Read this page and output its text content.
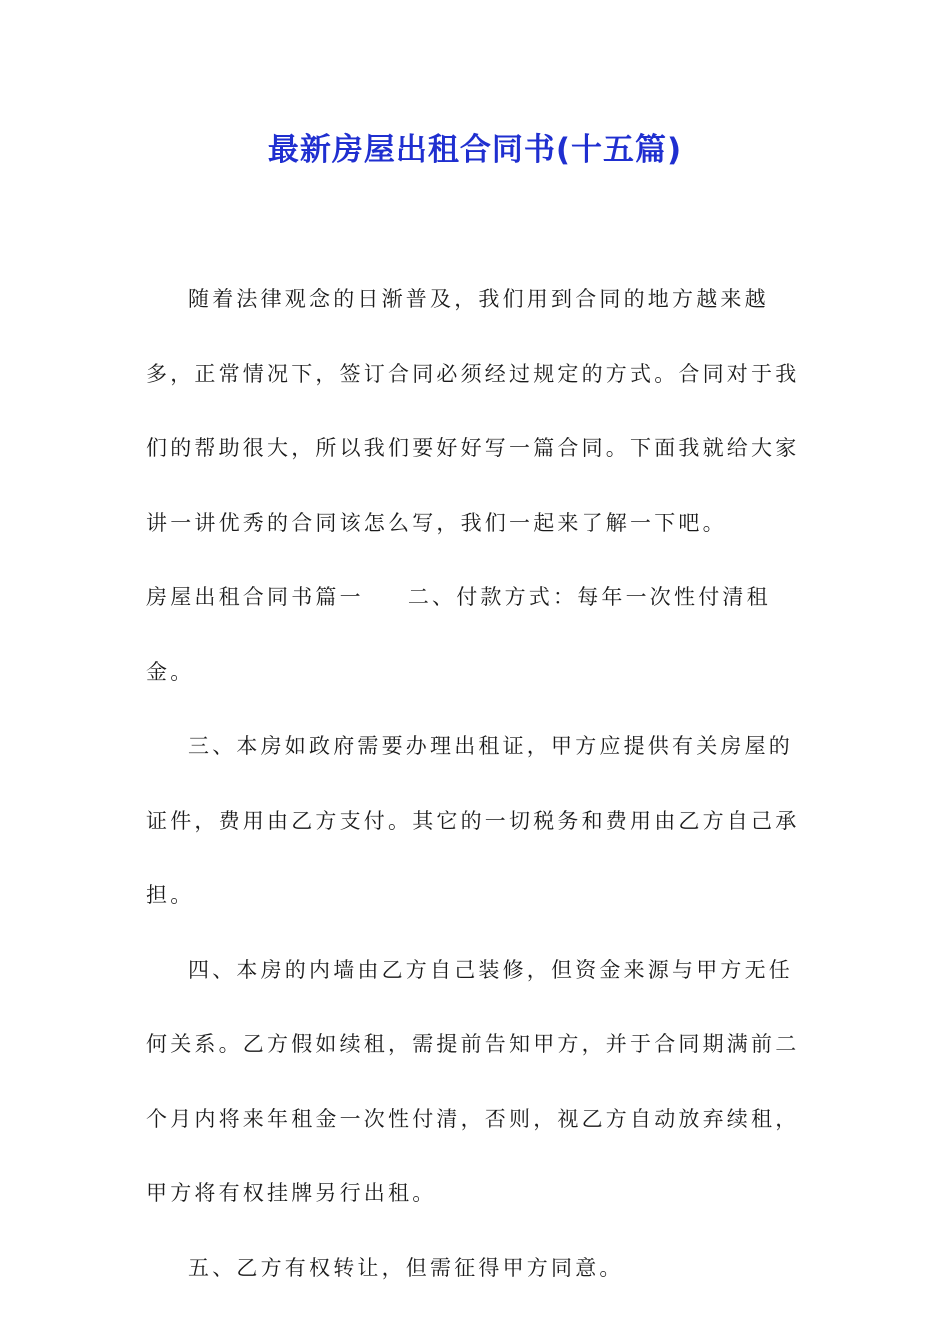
最新房屋出租合同书(十五篇)

随着法律观念的日渐普及，我们用到合同的地方越来越多，正常情况下，签订合同必须经过规定的方式。合同对于我们的帮助很大，所以我们要好好写一篇合同。下面我就给大家讲一讲优秀的合同该怎么写，我们一起来了解一下吧。

房屋出租合同书篇一 二、付款方式：每年一次性付清租金。

三、本房如政府需要办理出租证，甲方应提供有关房屋的证件，费用由乙方支付。其它的一切税务和费用由乙方自己承担。

四、本房的内墙由乙方自己装修，但资金来源与甲方无任何关系。乙方假如续租，需提前告知甲方，并于合同期满前二个月内将来年租金一次性付清，否则，视乙方自动放弃续租，甲方将有权挂牌另行出租。

五、乙方有权转让，但需征得甲方同意。
